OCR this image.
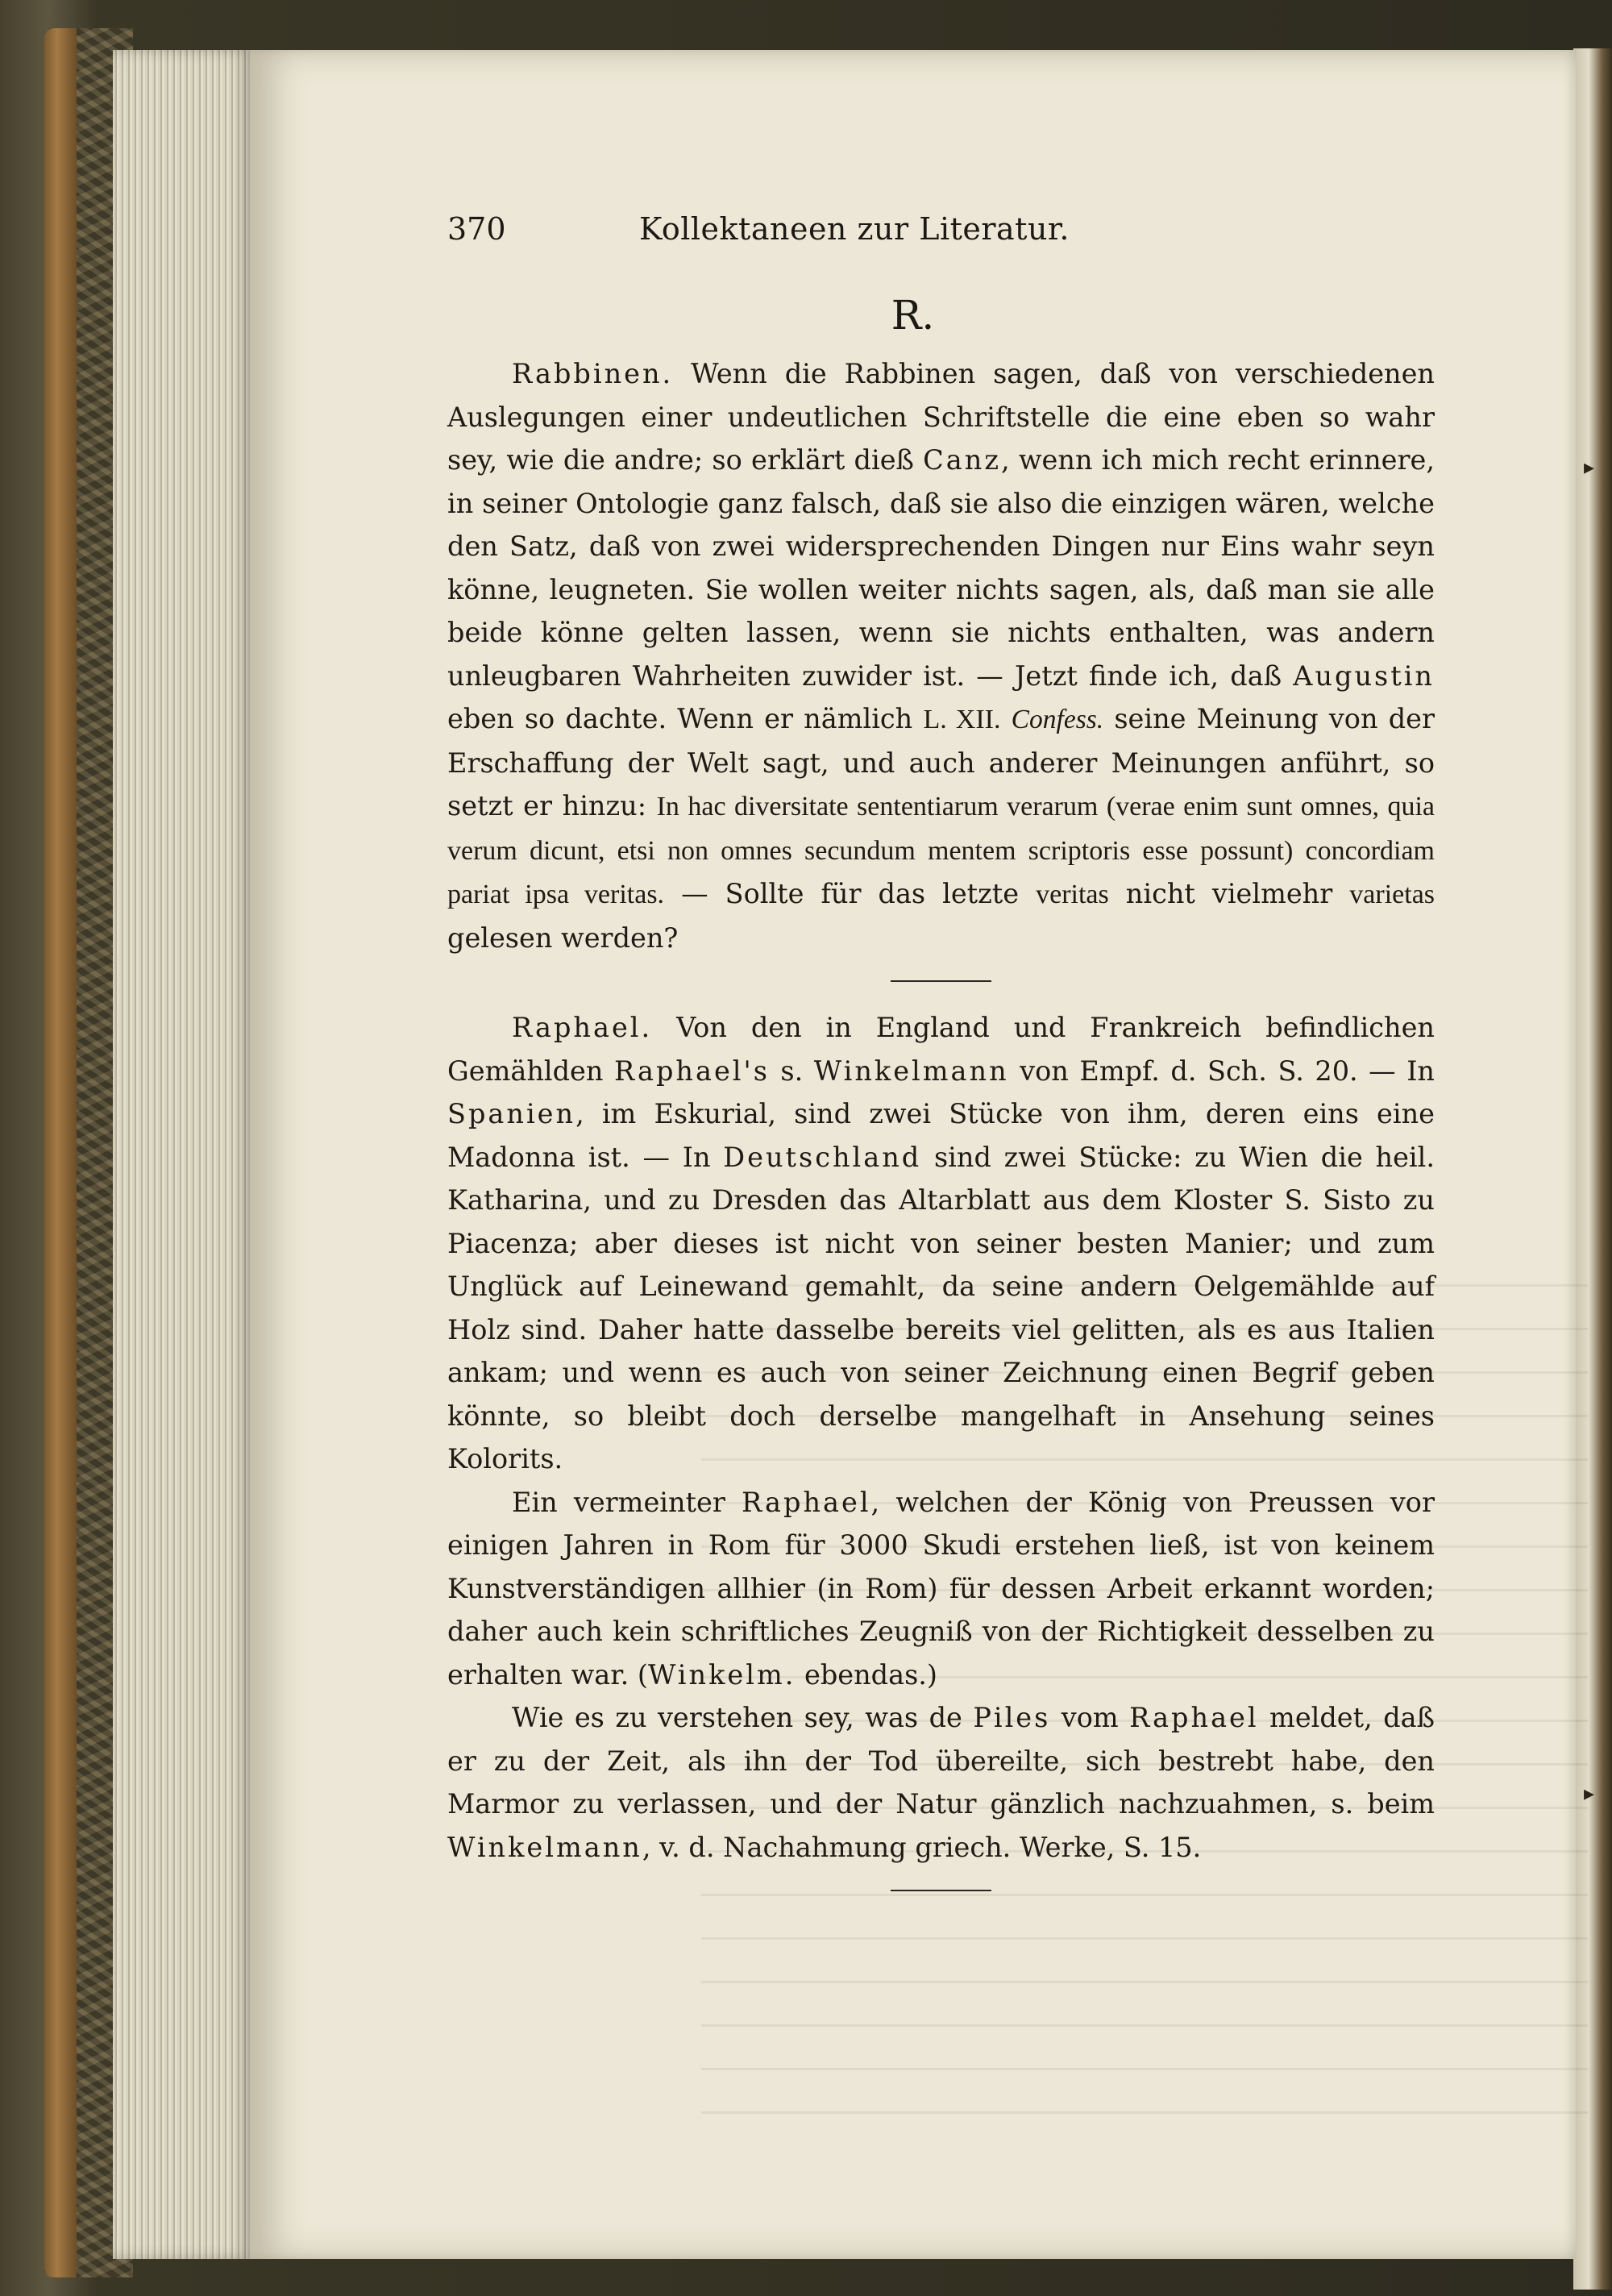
370	Kollektaneen zur Literatur.
R.

Rabbinen. Wenn die Rabbinen sagen, daß von verschiedenen Auslegungen einer undeutlichen Schriftstelle die eine eben so wahr sey, wie die andre; so erklärt dieß Canz, wenn ich mich recht erinnere, in seiner Ontologie ganz falsch, daß sie also die einzigen wären, welche den Satz, daß von zwei widersprechenden Dingen nur Eins wahr seyn könne, leugneten. Sie wollen weiter nichts sagen, als, daß man sie alle beide könne gelten lassen, wenn sie nichts enthalten, was andern unleugbaren Wahrheiten zuwider ist. — Jetzt finde ich, daß Augustin eben so dachte. Wenn er nämlich L. XII. Confess. seine Meinung von der Erschaffung der Welt sagt, und auch anderer Meinungen anführt, so setzt er hinzu: In hac diversitate sententiarum verarum (verae enim sunt omnes, quia verum dicunt, etsi non omnes secundum mentem scriptoris esse possunt) concordiam pariat ipsa veritas. — Sollte für das letzte veritas nicht vielmehr varietas gelesen werden?

Raphael. Von den in England und Frankreich befindlichen Gemählden Raphael's s. Winkelmann von Empf. d. Sch. S. 20. — In Spanien, im Eskurial, sind zwei Stücke von ihm, deren eins eine Madonna ist. — In Deutschland sind zwei Stücke: zu Wien die heil. Katharina, und zu Dresden das Altarblatt aus dem Kloster S. Sisto zu Piacenza; aber dieses ist nicht von seiner besten Manier; und zum Unglück auf Leinewand gemahlt, da seine andern Oelgemählde auf Holz sind. Daher hatte dasselbe bereits viel gelitten, als es aus Italien ankam; und wenn es auch von seiner Zeichnung einen Begrif geben könnte, so bleibt doch derselbe mangelhaft in Ansehung seines Kolorits.

Ein vermeinter Raphael, welchen der König von Preussen vor einigen Jahren in Rom für 3000 Skudi erstehen ließ, ist von keinem Kunstverständigen allhier (in Rom) für dessen Arbeit erkannt worden; daher auch kein schriftliches Zeugniß von der Richtigkeit desselben zu erhalten war. (Winkelm. ebendas.)

Wie es zu verstehen sey, was de Piles vom Raphael meldet, daß er zu der Zeit, als ihn der Tod übereilte, sich bestrebt habe, den Marmor zu verlassen, und der Natur gänzlich nachzuahmen, s. beim Winkelmann, v. d. Nachahmung griech. Werke, S. 15.

▸
▸
